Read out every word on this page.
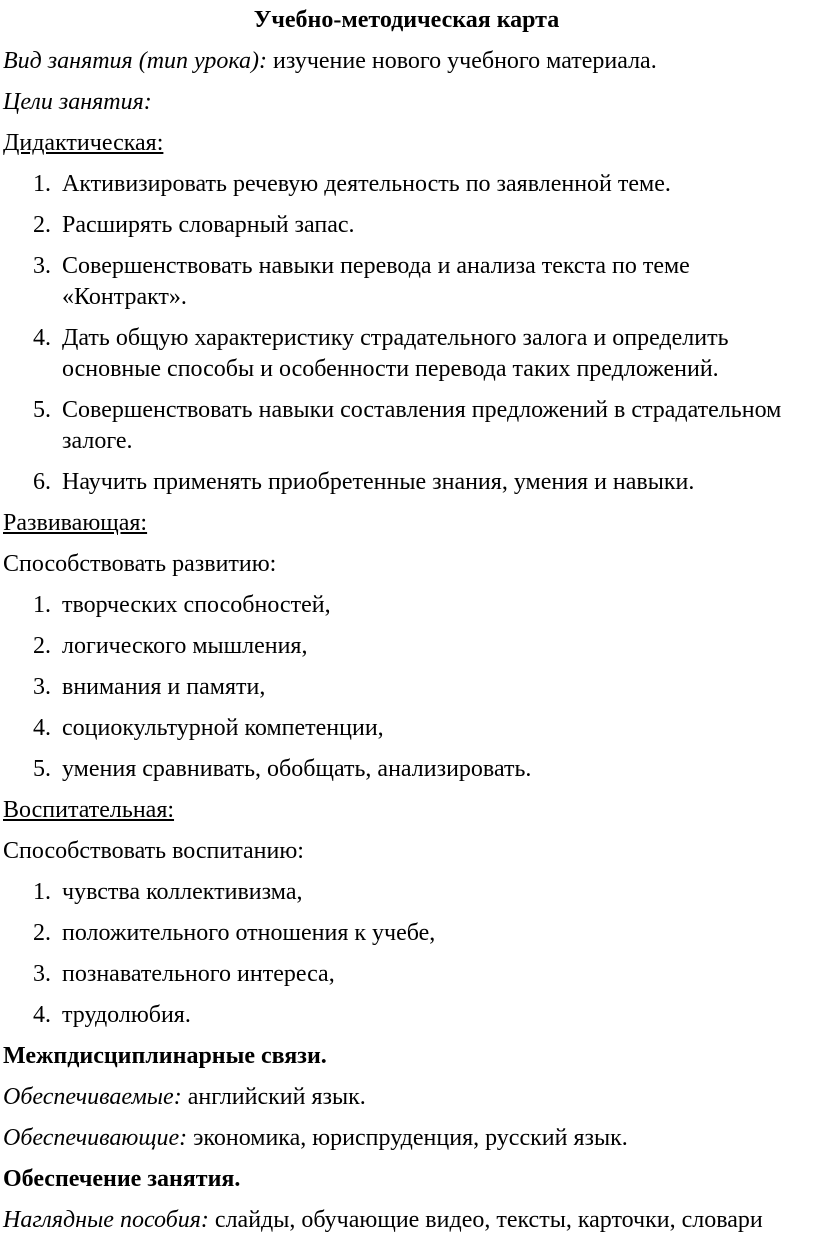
Учебно-методическая карта

Вид занятия (тип урока): изучение нового учебного материала.

Цели занятия:

Дидактическая:

Активизировать речевую деятельность по заявленной теме.
Расширять словарный запас.
Совершенствовать навыки перевода и анализа текста по теме «Контракт».
Дать общую характеристику страдательного залога и определить основные способы и особенности перевода таких предложений.
Совершенствовать навыки составления предложений в страдательном залоге.
Научить применять приобретенные знания, умения и навыки.

Развивающая:

Способствовать развитию:

творческих способностей,
логического мышления,
внимания и памяти,
социокультурной компетенции,
умения сравнивать, обобщать, анализировать.

Воспитательная:

Способствовать воспитанию:

чувства коллективизма,
положительного отношения к учебе,
познавательного интереса,
трудолюбия.

Межпдисциплинарные связи.

Обеспечиваемые: английский язык.

Обеспечивающие: экономика, юриспруденция, русский язык.

Обеспечение занятия.

Наглядные пособия: слайды, обучающие видео, тексты, карточки, словари
